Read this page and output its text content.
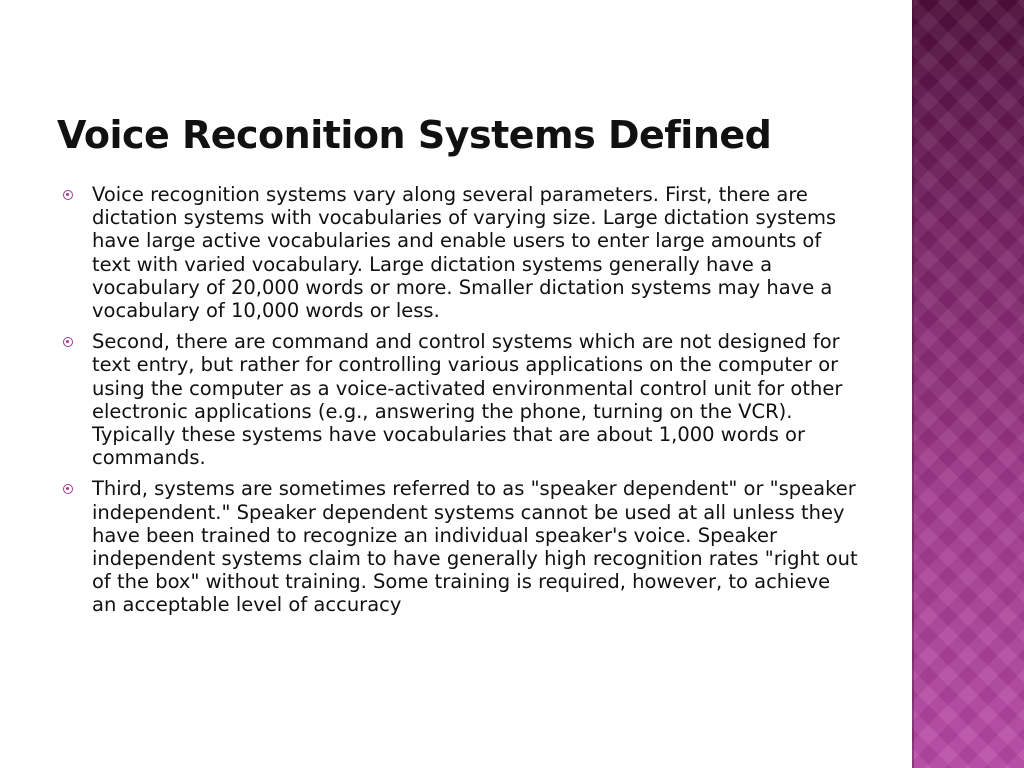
Voice Reconition Systems Defined
Voice recognition systems vary along several parameters. First, there are dictation systems with vocabularies of varying size. Large dictation systems have large active vocabularies and enable users to enter large amounts of text with varied vocabulary. Large dictation systems generally have a vocabulary of 20,000 words or more. Smaller dictation systems may have a vocabulary of 10,000 words or less.
Second, there are command and control systems which are not designed for text entry, but rather for controlling various applications on the computer or using the computer as a voice-activated environmental control unit for other electronic applications (e.g., answering the phone, turning on the VCR). Typically these systems have vocabularies that are about 1,000 words or commands.
Third, systems are sometimes referred to as "speaker dependent" or "speaker independent." Speaker dependent systems cannot be used at all unless they have been trained to recognize an individual speaker's voice. Speaker independent systems claim to have generally high recognition rates "right out of the box" without training. Some training is required, however, to achieve an acceptable level of accuracy
